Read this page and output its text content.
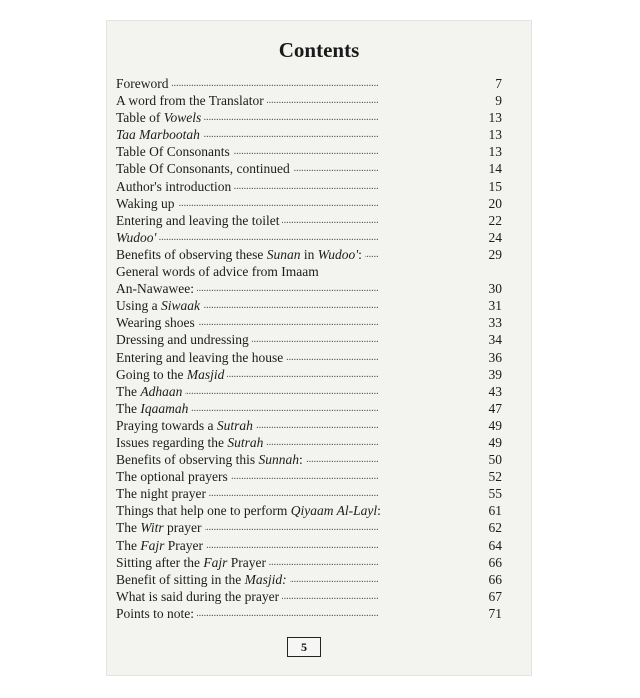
Contents
. . .
Foreword	7
. . .
A word from the Translator	9
. . .
Table of Vowels	13
. . .
Taa Marbootah	13
. . .
Table Of Consonants	13
. . .
Table Of Consonants, continued	14
. . .
Author's introduction	15
. . .
Waking up	20
. . .
Entering and leaving the toilet	22
. . .
Wudoo'	24
. . .
Benefits of observing these Sunan in Wudoo':	29
General words of advice from Imaam
. . .
An-Nawawee:	30
. . .
Using a Siwaak	31
. . .
Wearing shoes	33
. . .
Dressing and undressing	34
. . .
Entering and leaving the house	36
. . .
Going to the Masjid	39
. . .
The Adhaan	43
. . .
The Iqaamah	47
. . .
Praying towards a Sutrah	49
. . .
Issues regarding the Sutrah	49
. . .
Benefits of observing this Sunnah:	50
. . .
The optional prayers	52
. . .
The night prayer	55
. . .
Things that help one to perform Qiyaam Al-Layl:	61
. . .
The Witr prayer	62
. . .
The Fajr Prayer	64
. . .
Sitting after the Fajr Prayer	66
. . .
Benefit of sitting in the Masjid:	66
. . .
What is said during the prayer	67
. . .
Points to note:	71
5
